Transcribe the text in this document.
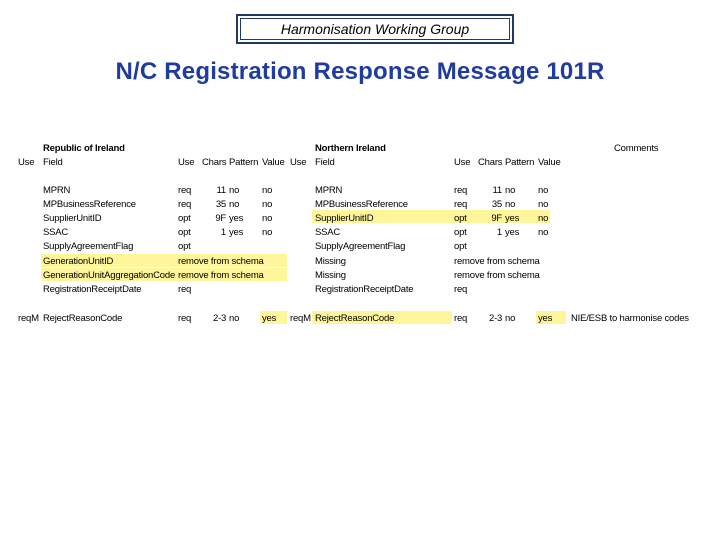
Harmonisation Working Group
N/C Registration Response Message 101R
Republic of Ireland	Northern Ireland	Comments
Use Field	Use Chars Pattern Value Use Field	Use Chars Pattern Value
MPRN	req	11 no no	MPRN	req	11 no no
MPBusinessReference	req	35 no no	MPBusinessReference	req	35 no no
SupplierUnitID	opt	9F yes no	SupplierUnitID	opt	9F yes no
SSAC	opt	1 yes no	SSAC	opt	1 yes no
SupplyAgreementFlag	opt	SupplyAgreementFlag	opt
GenerationUnitID	remove from schema	Missing	remove from schema
GenerationUnitAggregationCode remove from schema	Missing	remove from schema
RegistrationReceiptDate	req	RegistrationReceiptDate	req
reqM RejectReasonCode	req 2-3 no yes reqM RejectReasonCode	req 2-3 no yes NIE/ESB to harmonise codes
